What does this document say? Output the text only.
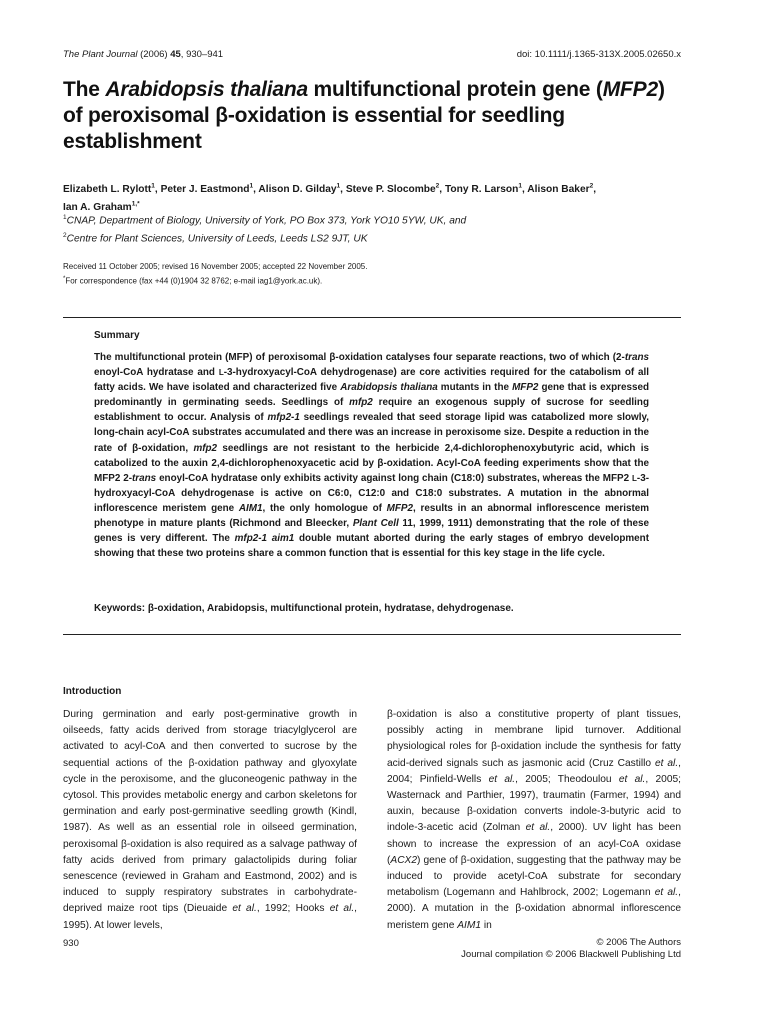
The Plant Journal (2006) 45, 930–941	doi: 10.1111/j.1365-313X.2005.02650.x
The Arabidopsis thaliana multifunctional protein gene (MFP2) of peroxisomal β-oxidation is essential for seedling establishment
Elizabeth L. Rylott$^1$, Peter J. Eastmond$^1$, Alison D. Gilday$^1$, Steve P. Slocombe$^2$, Tony R. Larson$^1$, Alison Baker$^2$,
Ian A. Graham$^{1,*}$
$^1$CNAP, Department of Biology, University of York, PO Box 373, York YO10 5YW, UK, and
$^2$Centre for Plant Sciences, University of Leeds, Leeds LS2 9JT, UK
Received 11 October 2005; revised 16 November 2005; accepted 22 November 2005.
*For correspondence (fax +44 (0)1904 32 8762; e-mail iag1@york.ac.uk).
Summary

The multifunctional protein (MFP) of peroxisomal β-oxidation catalyses four separate reactions, two of which (2-trans enoyl-CoA hydratase and L-3-hydroxyacyl-CoA dehydrogenase) are core activities required for the catabolism of all fatty acids. We have isolated and characterized five Arabidopsis thaliana mutants in the MFP2 gene that is expressed predominantly in germinating seeds. Seedlings of mfp2 require an exogenous supply of sucrose for seedling establishment to occur. Analysis of mfp2-1 seedlings revealed that seed storage lipid was catabolized more slowly, long-chain acyl-CoA substrates accumulated and there was an increase in peroxisome size. Despite a reduction in the rate of β-oxidation, mfp2 seedlings are not resistant to the herbicide 2,4-dichlorophenoxybutyric acid, which is catabolized to the auxin 2,4-dichlorophenoxyacetic acid by β-oxidation. Acyl-CoA feeding experiments show that the MFP2 2-trans enoyl-CoA hydratase only exhibits activity against long chain (C18:0) substrates, whereas the MFP2 L-3-hydroxyacyl-CoA dehydrogenase is active on C6:0, C12:0 and C18:0 substrates. A mutation in the abnormal inflorescence meristem gene AIM1, the only homologue of MFP2, results in an abnormal inflorescence meristem phenotype in mature plants (Richmond and Bleecker, Plant Cell 11, 1999, 1911) demonstrating that the role of these genes is very different. The mfp2-1 aim1 double mutant aborted during the early stages of embryo development showing that these two proteins share a common function that is essential for this key stage in the life cycle.

Keywords: β-oxidation, Arabidopsis, multifunctional protein, hydratase, dehydrogenase.
Introduction

During germination and early post-germinative growth in oilseeds, fatty acids derived from storage triacylglycerol are activated to acyl-CoA and then converted to sucrose by the sequential actions of the β-oxidation pathway and glyoxylate cycle in the peroxisome, and the gluconeogenic pathway in the cytosol. This provides metabolic energy and carbon skeletons for germination and early post-germinative seedling growth (Kindl, 1987). As well as an essential role in oilseed germination, peroxisomal β-oxidation is also required as a salvage pathway of fatty acids derived from primary galactolipids during foliar senescence (reviewed in Graham and Eastmond, 2002) and is induced to supply respiratory substrates in carbohydrate-deprived maize root tips (Dieuaide et al., 1992; Hooks et al., 1995). At lower levels,

β-oxidation is also a constitutive property of plant tissues, possibly acting in membrane lipid turnover. Additional physiological roles for β-oxidation include the synthesis for fatty acid-derived signals such as jasmonic acid (Cruz Castillo et al., 2004; Pinfield-Wells et al., 2005; Theodoulou et al., 2005; Wasternack and Parthier, 1997), traumatin (Farmer, 1994) and auxin, because β-oxidation converts indole-3-butyric acid to indole-3-acetic acid (Zolman et al., 2000). UV light has been shown to increase the expression of an acyl-CoA oxidase (ACX2) gene of β-oxidation, suggesting that the pathway may be induced to provide acetyl-CoA substrate for secondary metabolism (Logemann and Hahlbrock, 2002; Logemann et al., 2000). A mutation in the β-oxidation abnormal inflorescence meristem gene AIM1 in

930	© 2006 The Authors
Journal compilation © 2006 Blackwell Publishing Ltd
